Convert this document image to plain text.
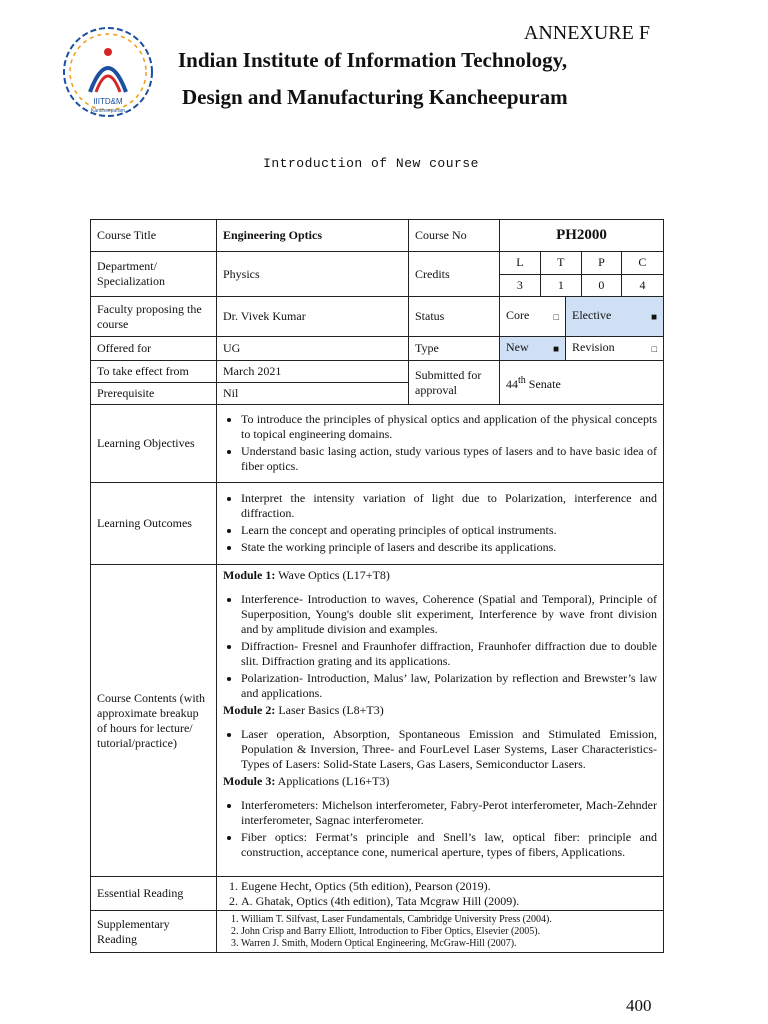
ANNEXURE F
IIITD&M
Kancheepuram
Indian Institute of Information Technology,
Design and Manufacturing Kancheepuram
Introduction of New course
Course Title	Engineering Optics	Course No	PH2000
Department/ Specialization	Physics	Credits	
L	T	P	C
3	1	0	4

Faculty proposing the course	Dr. Vivek Kumar	Status	Core	□	Elective	■

Offered for	UG	Type	New ■	Revision	□

To take effect from	March 2021	Submitted for approval	44th Senate
Prerequisite	Nil
Learning Objectives	
• To introduce the principles of physical optics and application of the physical concepts to topical engineering domains.
• Understand basic lasing action, study various types of lasers and to have basic idea of fiber optics.

Learning Outcomes	
• Interpret the intensity variation of light due to Polarization, interference and diffraction.
• Learn the concept and operating principles of optical instruments.
• State the working principle of lasers and describe its applications.

Course Contents (with approximate breakup of hours for lecture/ tutorial/practice)	

Module 1: Wave Optics (L17+T8)

• Interference- Introduction to waves, Coherence (Spatial and Temporal), Principle of Superposition, Young's double slit experiment, Interference by wave front division and by amplitude division and examples.
• Diffraction- Fresnel and Fraunhofer diffraction, Fraunhofer diffraction due to double slit. Diffraction grating and its applications.
• Polarization- Introduction, Malus’ law, Polarization by reflection and Brewster’s law and applications.

Module 2: Laser Basics (L8+T3)

• Laser operation, Absorption, Spontaneous Emission and Stimulated Emission, Population & Inversion, Three- and FourLevel Laser Systems, Laser Characteristics- Types of Lasers: Solid-State Lasers, Gas Lasers, Semiconductor Lasers.

Module 3: Applications (L16+T3)

• Interferometers: Michelson interferometer, Fabry-Perot interferometer, Mach-Zehnder interferometer, Sagnac interferometer.
• Fiber optics: Fermat’s principle and Snell’s law, optical fiber: principle and construction, acceptance cone, numerical aperture, types of fibers, Applications.

Essential Reading	
1. Eugene Hecht, Optics (5th edition), Pearson (2019).
2. A. Ghatak, Optics (4th edition), Tata Mcgraw Hill (2009).

Supplementary Reading	
1. William T. Silfvast, Laser Fundamentals, Cambridge University Press (2004).
2. John Crisp and Barry Elliott, Introduction to Fiber Optics, Elsevier (2005).
3. Warren J. Smith, Modern Optical Engineering, McGraw-Hill (2007).
400
